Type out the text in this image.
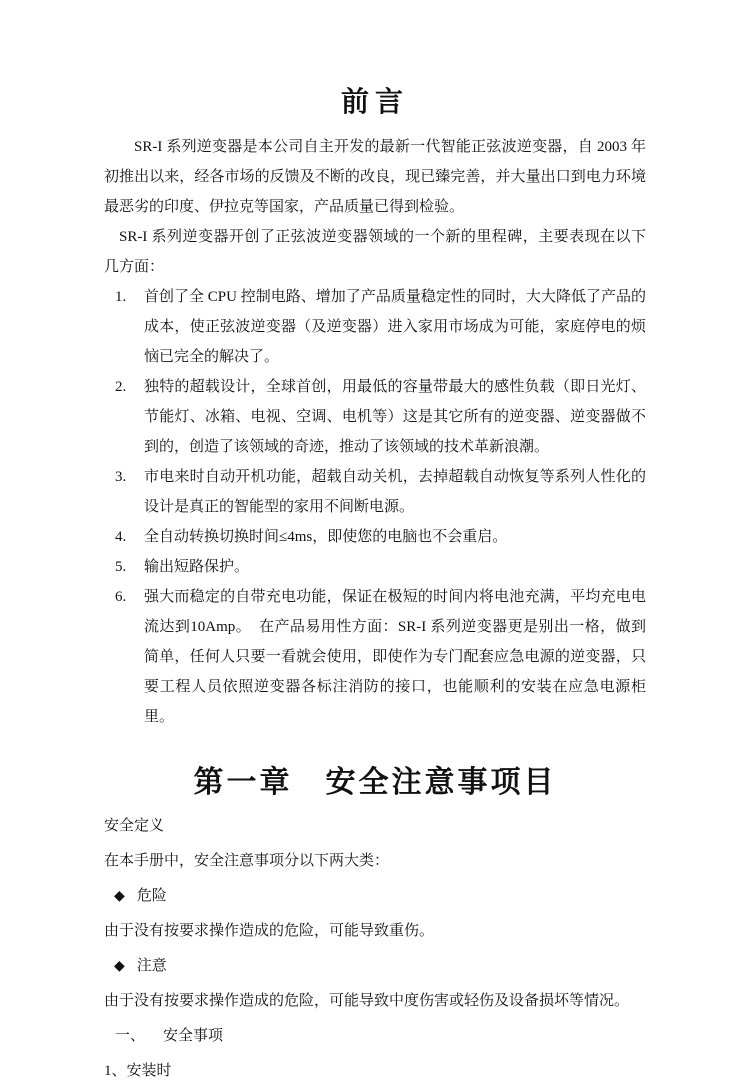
前言

SR-I 系列逆变器是本公司自主开发的最新一代智能正弦波逆变器，自 2003 年初推出以来，经各市场的反馈及不断的改良，现已臻完善，并大量出口到电力环境最恶劣的印度、伊拉克等国家，产品质量已得到检验。

SR-I 系列逆变器开创了正弦波逆变器领域的一个新的里程碑，主要表现在以下几方面：

1. 首创了全 CPU 控制电路、增加了产品质量稳定性的同时，大大降低了产品的成本，使正弦波逆变器（及逆变器）进入家用市场成为可能，家庭停电的烦恼已完全的解决了。
2. 独特的超载设计，全球首创，用最低的容量带最大的感性负载（即日光灯、节能灯、冰箱、电视、空调、电机等）这是其它所有的逆变器、逆变器做不到的，创造了该领域的奇迹，推动了该领域的技术革新浪潮。
3. 市电来时自动开机功能，超载自动关机，去掉超载自动恢复等系列人性化的设计是真正的智能型的家用不间断电源。
4. 全自动转换切换时间≤4ms，即使您的电脑也不会重启。
5. 输出短路保护。
6. 强大而稳定的自带充电功能，保证在极短的时间内将电池充满，平均充电电流达到10Amp。　在产品易用性方面：SR-I 系列逆变器更是别出一格，做到简单，任何人只要一看就会使用，即使作为专门配套应急电源的逆变器，只要工程人员依照逆变器各标注消防的接口，也能顺利的安装在应急电源柜里。
第一章　安全注意事项目

安全定义

在本手册中，安全注意事项分以下两大类：

◆ 危险

由于没有按要求操作造成的危险，可能导致重伤。

◆ 注意

由于没有按要求操作造成的危险，可能导致中度伤害或轻伤及设备损坏等情况。

一、 安全事项

1、安装时
